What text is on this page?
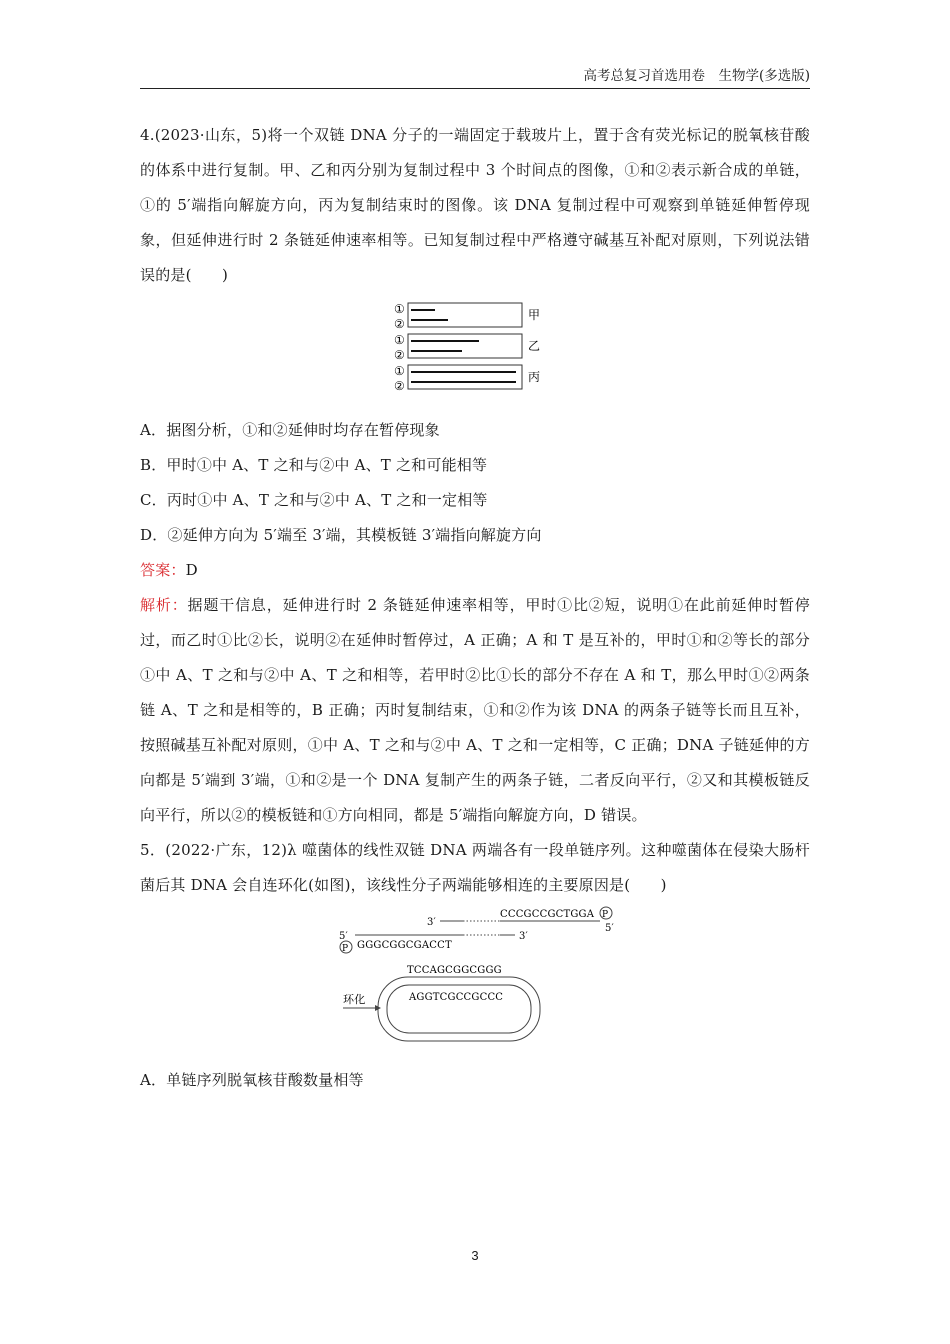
高考总复习首选用卷　生物学(多选版)

4.(2023·山东，5)将一个双链 DNA 分子的一端固定于载玻片上，置于含有荧光标记的脱氧核苷酸的体系中进行复制。甲、乙和丙分别为复制过程中 3 个时间点的图像，①和②表示新合成的单链，①的 5′端指向解旋方向，丙为复制结束时的图像。该 DNA 复制过程中可观察到单链延伸暂停现象，但延伸进行时 2 条链延伸速率相等。已知复制过程中严格遵守碱基互补配对原则，下列说法错误的是(　　)

①
②
甲
①
②
乙
①
②
丙

A．据图分析，①和②延伸时均存在暂停现象

B．甲时①中 A、T 之和与②中 A、T 之和可能相等

C．丙时①中 A、T 之和与②中 A、T 之和一定相等

D．②延伸方向为 5′端至 3′端，其模板链 3′端指向解旋方向

答案：D

解析：据题干信息，延伸进行时 2 条链延伸速率相等，甲时①比②短，说明①在此前延伸时暂停过，而乙时①比②长，说明②在延伸时暂停过，A 正确；A 和 T 是互补的，甲时①和②等长的部分①中 A、T 之和与②中 A、T 之和相等，若甲时②比①长的部分不存在 A 和 T，那么甲时①②两条链 A、T 之和是相等的，B 正确；丙时复制结束，①和②作为该 DNA 的两条子链等长而且互补，按照碱基互补配对原则，①中 A、T 之和与②中 A、T 之和一定相等，C 正确；DNA 子链延伸的方向都是 5′端到 3′端，①和②是一个 DNA 复制产生的两条子链，二者反向平行，②又和其模板链反向平行，所以②的模板链和①方向相同，都是 5′端指向解旋方向，D 错误。

5．(2022·广东，12)λ 噬菌体的线性双链 DNA 两端各有一段单链序列。这种噬菌体在侵染大肠杆菌后其 DNA 会自连环化(如图)，该线性分子两端能够相连的主要原因是(　　)

3′
CCCGCCGCTGGA P
5′
3′
GGGCGGCGACCT
5′
P
TCCAGCGGCGGG
AGGTCGCCGCCC
环化

A．单链序列脱氧核苷酸数量相等

3
